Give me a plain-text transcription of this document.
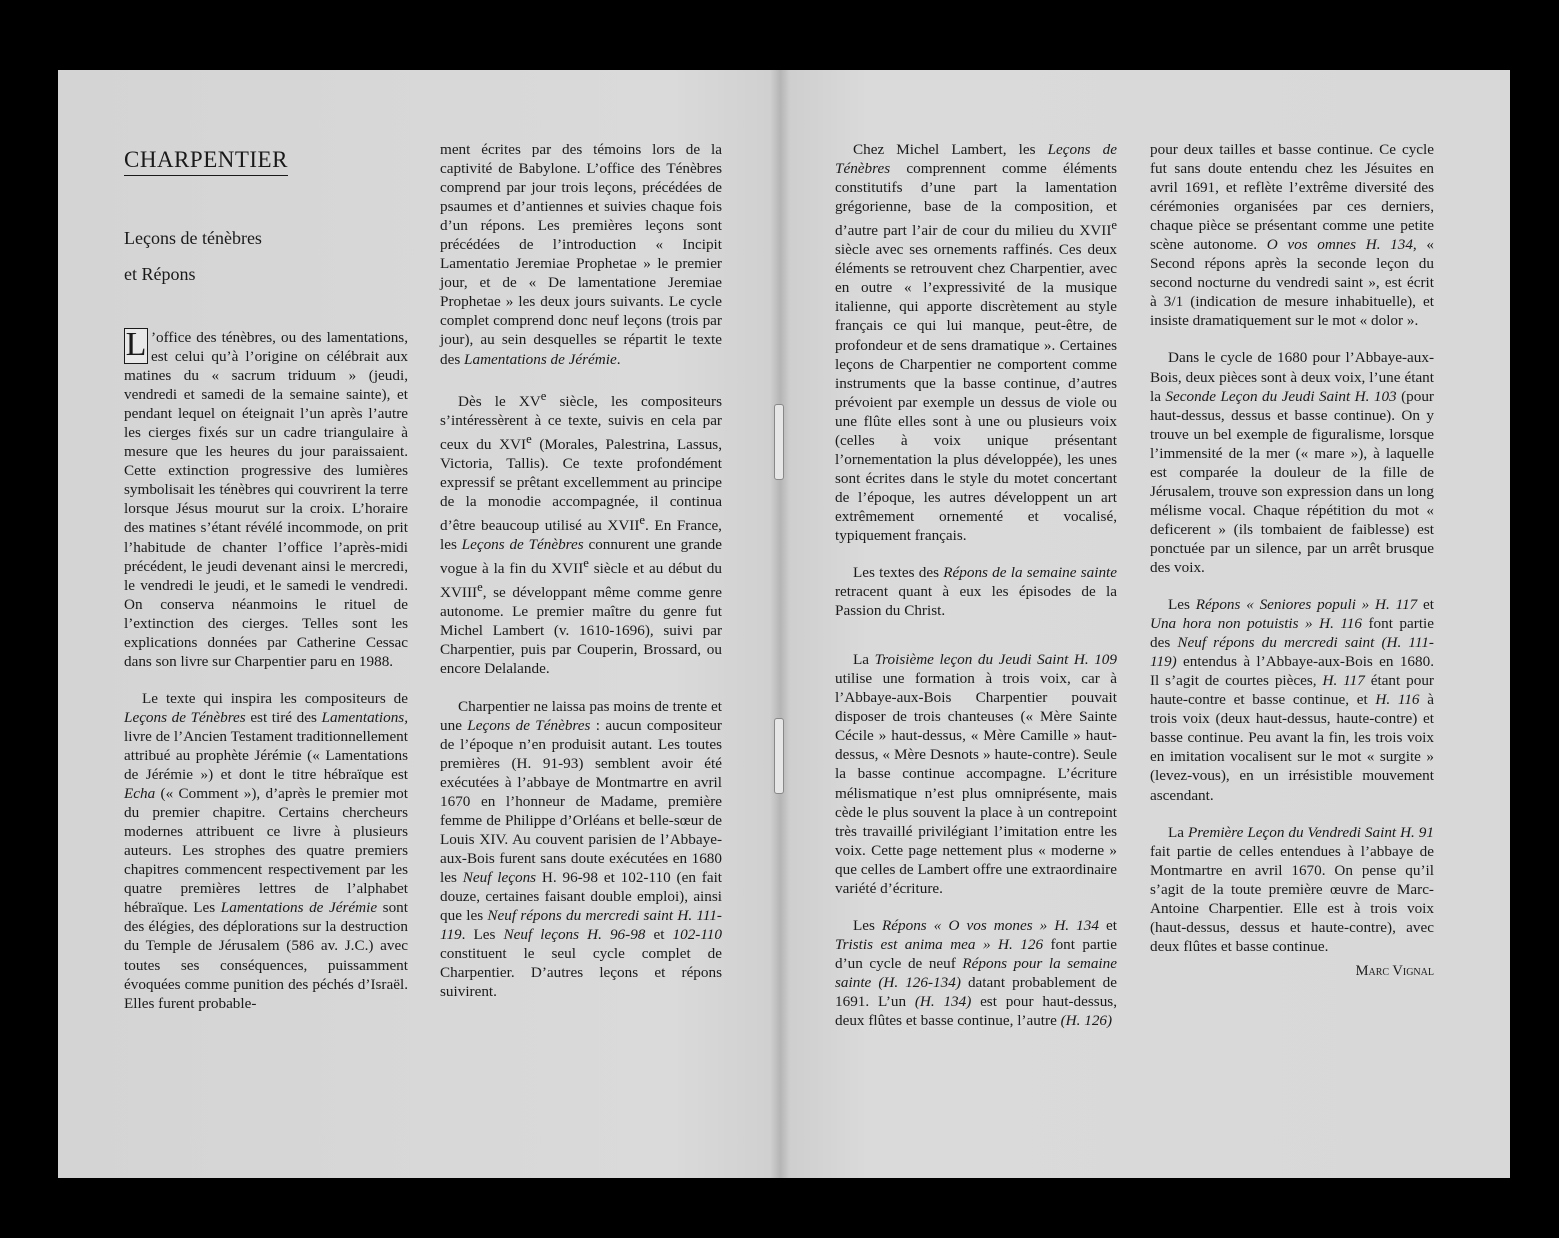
CHARPENTIER
Leçons de ténèbres
et Répons

L ’office des ténèbres, ou des lamentations, est celui qu’à l’origine on célébrait aux matines du « sacrum triduum » (jeudi, vendredi et samedi de la semaine sainte), et pendant lequel on éteignait l’un après l’autre les cierges fixés sur un cadre triangulaire à mesure que les heures du jour paraissaient. Cette extinction progressive des lumières symbolisait les ténèbres qui couvrirent la terre lorsque Jésus mourut sur la croix. L’horaire des matines s’étant révélé incommode, on prit l’habitude de chanter l’office l’après-midi précédent, le jeudi devenant ainsi le mercredi, le vendredi le jeudi, et le samedi le vendredi. On conserva néanmoins le rituel de l’extinction des cierges. Telles sont les explications données par Catherine Cessac dans son livre sur Charpentier paru en 1988.

Le texte qui inspira les compositeurs de Leçons de Ténèbres est tiré des Lamentations, livre de l’Ancien Testament traditionnellement attribué au prophète Jérémie (« Lamentations de Jérémie ») et dont le titre hébraïque est Echa (« Comment »), d’après le premier mot du premier chapitre. Certains chercheurs modernes attribuent ce livre à plusieurs auteurs. Les strophes des quatre premiers chapitres commencent respectivement par les quatre premières lettres de l’alphabet hébraïque. Les Lamentations de Jérémie sont des élégies, des déplorations sur la destruction du Temple de Jérusalem (586 av. J.C.) avec toutes ses conséquences, puissamment évoquées comme punition des péchés d’Israël. Elles furent probable-

ment écrites par des témoins lors de la captivité de Babylone. L’office des Ténèbres comprend par jour trois leçons, précédées de psaumes et d’antiennes et suivies chaque fois d’un répons. Les premières leçons sont précédées de l’introduction « Incipit Lamentatio Jeremiae Prophetae » le premier jour, et de « De lamentatione Jeremiae Prophetae » les deux jours suivants. Le cycle complet comprend donc neuf leçons (trois par jour), au sein desquelles se répartit le texte des Lamentations de Jérémie.

Dès le XVe siècle, les compositeurs s’intéressèrent à ce texte, suivis en cela par ceux du XVIe (Morales, Palestrina, Lassus, Victoria, Tallis). Ce texte profondément expressif se prêtant excellemment au principe de la monodie accompagnée, il continua d’être beaucoup utilisé au XVIIe. En France, les Leçons de Ténèbres connurent une grande vogue à la fin du XVIIe siècle et au début du XVIIIe, se développant même comme genre autonome. Le premier maître du genre fut Michel Lambert (v. 1610-1696), suivi par Charpentier, puis par Couperin, Brossard, ou encore Delalande.

Charpentier ne laissa pas moins de trente et une Leçons de Ténèbres : aucun compositeur de l’époque n’en produisit autant. Les toutes premières (H. 91-93) semblent avoir été exécutées à l’abbaye de Montmartre en avril 1670 en l’honneur de Madame, première femme de Philippe d’Orléans et belle-sœur de Louis XIV. Au couvent parisien de l’Abbaye-aux-Bois furent sans doute exécutées en 1680 les Neuf leçons H. 96-98 et 102-110 (en fait douze, certaines faisant double emploi), ainsi que les Neuf répons du mercredi saint H. 111-119. Les Neuf leçons H. 96-98 et 102-110 constituent le seul cycle complet de Charpentier. D’autres leçons et répons suivirent.

Chez Michel Lambert, les Leçons de Ténèbres comprennent comme éléments constitutifs d’une part la lamentation grégorienne, base de la composition, et d’autre part l’air de cour du milieu du XVIIe siècle avec ses ornements raffinés. Ces deux éléments se retrouvent chez Charpentier, avec en outre « l’expressivité de la musique italienne, qui apporte discrètement au style français ce qui lui manque, peut-être, de profondeur et de sens dramatique ». Certaines leçons de Charpentier ne comportent comme instruments que la basse continue, d’autres prévoient par exemple un dessus de viole ou une flûte elles sont à une ou plusieurs voix (celles à voix unique présentant l’ornementation la plus développée), les unes sont écrites dans le style du motet concertant de l’époque, les autres développent un art extrêmement ornementé et vocalisé, typiquement français.

Les textes des Répons de la semaine sainte retracent quant à eux les épisodes de la Passion du Christ.

La Troisième leçon du Jeudi Saint H. 109 utilise une formation à trois voix, car à l’Abbaye-aux-Bois Charpentier pouvait disposer de trois chanteuses (« Mère Sainte Cécile » haut-dessus, « Mère Camille » haut-dessus, « Mère Desnots » haute-contre). Seule la basse continue accompagne. L’écriture mélismatique n’est plus omniprésente, mais cède le plus souvent la place à un contrepoint très travaillé privilégiant l’imitation entre les voix. Cette page nettement plus « moderne » que celles de Lambert offre une extraordinaire variété d’écriture.

Les Répons « O vos mones » H. 134 et Tristis est anima mea » H. 126 font partie d’un cycle de neuf Répons pour la semaine sainte (H. 126-134) datant probablement de 1691. L’un (H. 134) est pour haut-dessus, deux flûtes et basse continue, l’autre (H. 126)

pour deux tailles et basse continue. Ce cycle fut sans doute entendu chez les Jésuites en avril 1691, et reflète l’extrême diversité des cérémonies organisées par ces derniers, chaque pièce se présentant comme une petite scène autonome. O vos omnes H. 134, « Second répons après la seconde leçon du second nocturne du vendredi saint », est écrit à 3/1 (indication de mesure inhabituelle), et insiste dramatiquement sur le mot « dolor ».

Dans le cycle de 1680 pour l’Abbaye-aux-Bois, deux pièces sont à deux voix, l’une étant la Seconde Leçon du Jeudi Saint H. 103 (pour haut-dessus, dessus et basse continue). On y trouve un bel exemple de figuralisme, lorsque l’immensité de la mer (« mare »), à laquelle est comparée la douleur de la fille de Jérusalem, trouve son expression dans un long mélisme vocal. Chaque répétition du mot « deficerent » (ils tombaient de faiblesse) est ponctuée par un silence, par un arrêt brusque des voix.

Les Répons « Seniores populi » H. 117 et Una hora non potuistis » H. 116 font partie des Neuf répons du mercredi saint (H. 111-119) entendus à l’Abbaye-aux-Bois en 1680. Il s’agit de courtes pièces, H. 117 étant pour haute-contre et basse continue, et H. 116 à trois voix (deux haut-dessus, haute-contre) et basse continue. Peu avant la fin, les trois voix en imitation vocalisent sur le mot « surgite » (levez-vous), en un irrésistible mouvement ascendant.

La Première Leçon du Vendredi Saint H. 91 fait partie de celles entendues à l’abbaye de Montmartre en avril 1670. On pense qu’il s’agit de la toute première œuvre de Marc-Antoine Charpentier. Elle est à trois voix (haut-dessus, dessus et haute-contre), avec deux flûtes et basse continue.

Marc Vignal
